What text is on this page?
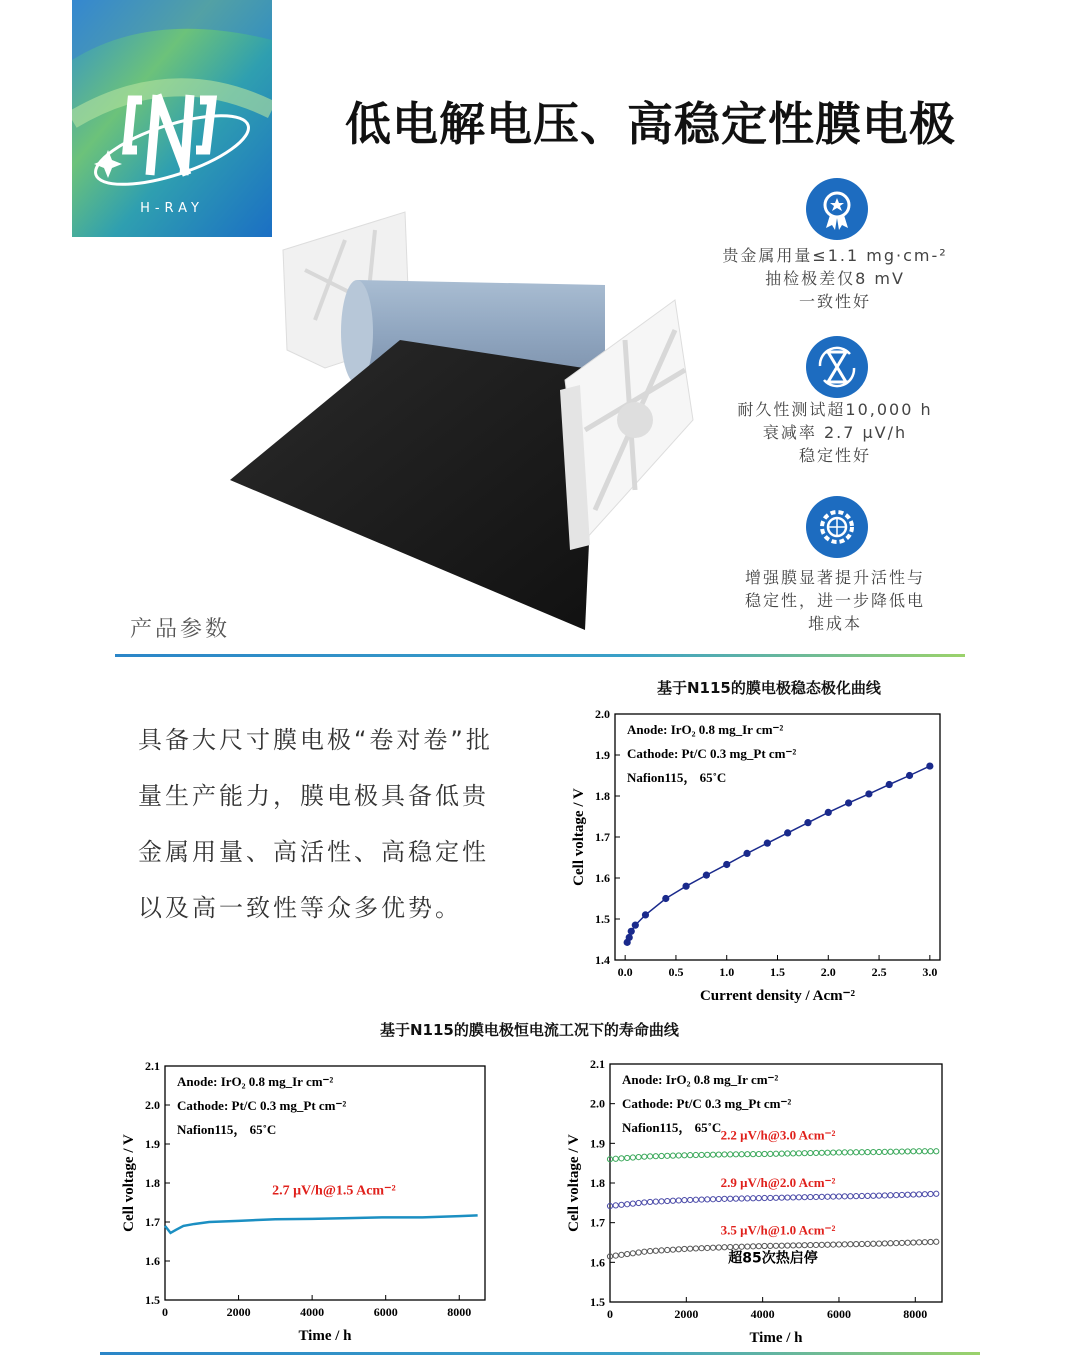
H-RAY
低电解电压、高稳定性膜电极
贵金属用量≤1.1 mg·cm-²
抽检极差仅8 mV
一致性好
耐久性测试超10,000 h
衰减率 2.7 μV/h
稳定性好
增强膜显著提升活性与
稳定性，进一步降低电
堆成本
产品参数
具备大尺寸膜电极“卷对卷”批量生产能力，膜电极具备低贵金属用量、高活性、高稳定性以及高一致性等众多优势。
基于N115的膜电极稳态极化曲线
0.0	0.5	1.0	1.5	2.0	2.5	3.0
1.4
1.5
1.6
1.7
1.8
1.9
2.0
Current density / Acm⁻²
Cell voltage / V
Anode: IrO₂ 0.8 mg_Ir cm⁻²
Cathode: Pt/C 0.3 mg_Pt cm⁻²
Nafion115， 65˚C
基于N115的膜电极恒电流工况下的寿命曲线
0	2000	4000	6000	8000
1.5
1.6
1.7
1.8
1.9
2.0
2.1
Time / h
Cell voltage / V
Anode: IrO₂ 0.8 mg_Ir cm⁻²
Cathode: Pt/C 0.3 mg_Pt cm⁻²
Nafion115， 65˚C
2.7 μV/h@1.5 Acm⁻²
0	2000	4000	6000	8000
1.5
1.6
1.7
1.8
1.9
2.0
2.1
Time / h
Cell voltage / V
Anode: IrO₂ 0.8 mg_Ir cm⁻²
Cathode: Pt/C 0.3 mg_Pt cm⁻²
Nafion115， 65˚C 2.2 μV/h@3.0 Acm⁻²
2.9 μV/h@2.0 Acm⁻²
3.5 μV/h@1.0 Acm⁻²
超85次热启停
